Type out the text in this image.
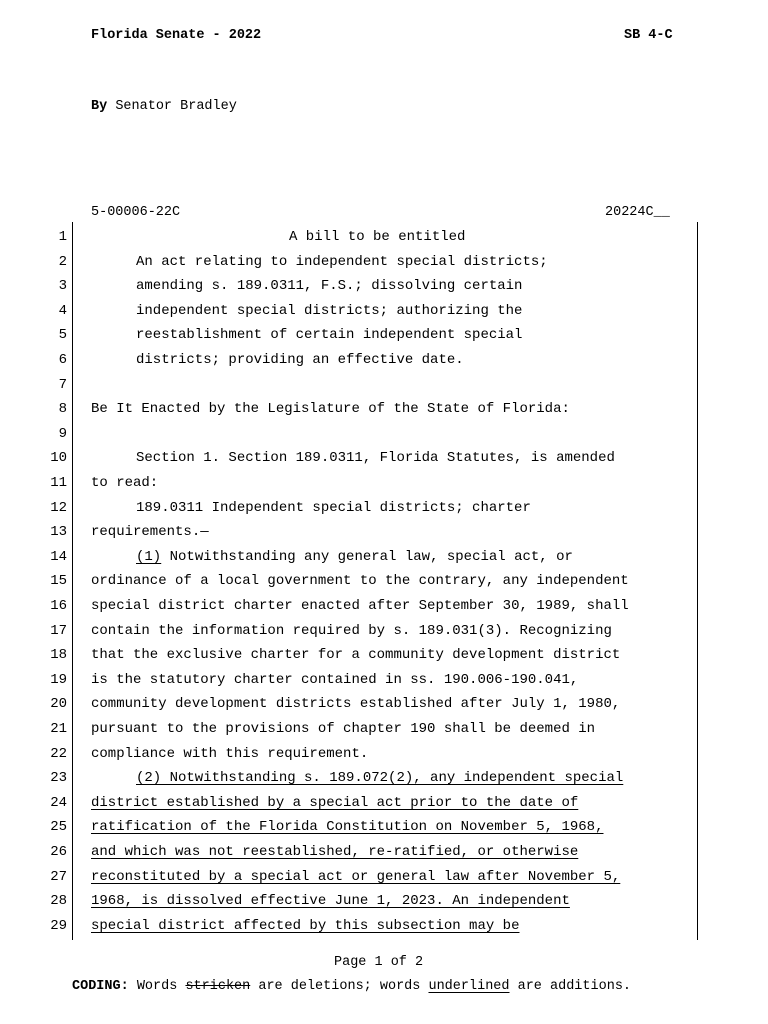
Florida Senate - 2022	SB 4-C
By Senator Bradley
5-00006-22C	20224C__
1	A bill to be entitled
2	An act relating to independent special districts;
3	amending s. 189.0311, F.S.; dissolving certain
4	independent special districts; authorizing the
5	reestablishment of certain independent special
6	districts; providing an effective date.
7
8 Be It Enacted by the Legislature of the State of Florida:
9
10	Section 1. Section 189.0311, Florida Statutes, is amended
11 to read:
12	189.0311 Independent special districts; charter
13 requirements.—
14	(1) Notwithstanding any general law, special act, or
15 ordinance of a local government to the contrary, any independent
16 special district charter enacted after September 30, 1989, shall
17 contain the information required by s. 189.031(3). Recognizing
18 that the exclusive charter for a community development district
19 is the statutory charter contained in ss. 190.006-190.041,
20 community development districts established after July 1, 1980,
21 pursuant to the provisions of chapter 190 shall be deemed in
22 compliance with this requirement.
23	(2) Notwithstanding s. 189.072(2), any independent special
24 district established by a special act prior to the date of
25 ratification of the Florida Constitution on November 5, 1968,
26 and which was not reestablished, re-ratified, or otherwise
27 reconstituted by a special act or general law after November 5,
28 1968, is dissolved effective June 1, 2023. An independent
29 special district affected by this subsection may be
Page 1 of 2
CODING: Words stricken are deletions; words underlined are additions.
